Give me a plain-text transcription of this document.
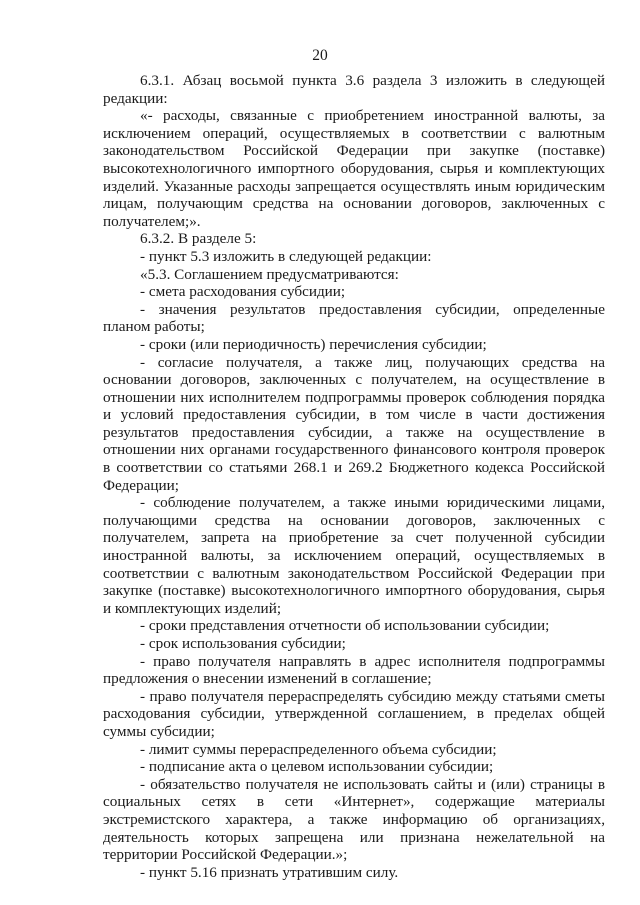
20

6.3.1. Абзац восьмой пункта 3.6 раздела 3 изложить в следующей редакции:

«- расходы, связанные с приобретением иностранной валюты, за исключением операций, осуществляемых в соответствии с валютным законодательством Российской Федерации при закупке (поставке) высокотехнологичного импортного оборудования, сырья и комплектующих изделий. Указанные расходы запрещается осуществлять иным юридическим лицам, получающим средства на основании договоров, заключенных с получателем;».

6.3.2. В разделе 5:

- пункт 5.3 изложить в следующей редакции:

«5.3. Соглашением предусматриваются:

- смета расходования субсидии;

- значения результатов предоставления субсидии, определенные планом работы;

- сроки (или периодичность) перечисления субсидии;

- согласие получателя, а также лиц, получающих средства на основании договоров, заключенных с получателем, на осуществление в отношении них исполнителем подпрограммы проверок соблюдения порядка и условий предоставления субсидии, в том числе в части достижения результатов предоставления субсидии, а также на осуществление в отношении них органами государственного финансового контроля проверок в соответствии со статьями 268.1 и 269.2 Бюджетного кодекса Российской Федерации;

- соблюдение получателем, а также иными юридическими лицами, получающими средства на основании договоров, заключенных с получателем, запрета на приобретение за счет полученной субсидии иностранной валюты, за исключением операций, осуществляемых в соответствии с валютным законодательством Российской Федерации при закупке (поставке) высокотехнологичного импортного оборудования, сырья и комплектующих изделий;

- сроки представления отчетности об использовании субсидии;

- срок использования субсидии;

- право получателя направлять в адрес исполнителя подпрограммы предложения о внесении изменений в соглашение;

- право получателя перераспределять субсидию между статьями сметы расходования субсидии, утвержденной соглашением, в пределах общей суммы субсидии;

- лимит суммы перераспределенного объема субсидии;

- подписание акта о целевом использовании субсидии;

- обязательство получателя не использовать сайты и (или) страницы в социальных сетях в сети «Интернет», содержащие материалы экстремистского характера, а также информацию об организациях, деятельность которых запрещена или признана нежелательной на территории Российской Федерации.»;

- пункт 5.16 признать утратившим силу.
